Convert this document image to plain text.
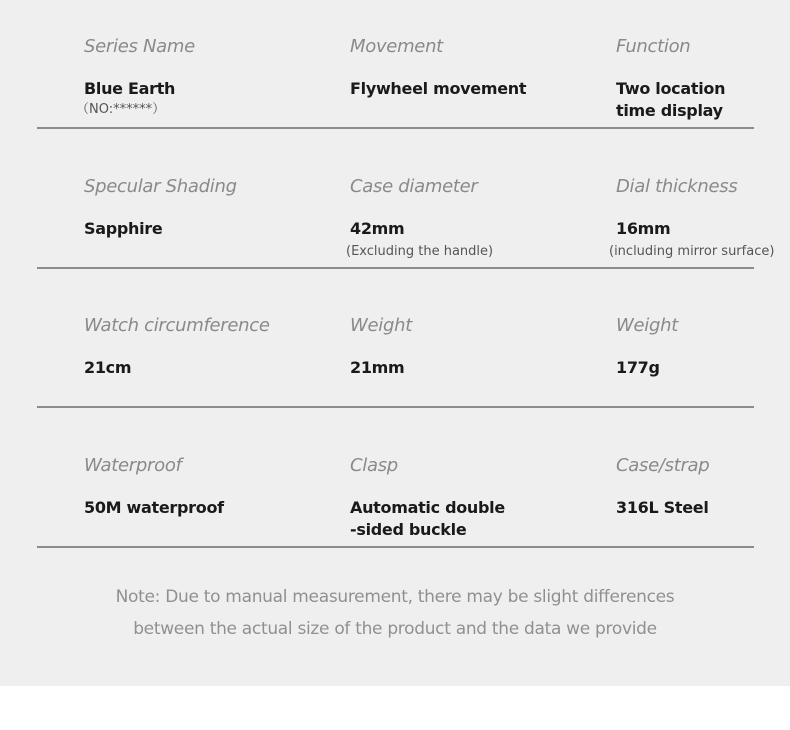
Series Name
Blue Earth
（NO:******）
Movement
Flywheel movement
Function
Two location
time display
Specular Shading
Sapphire
Case diameter
42mm
(Excluding the handle)
Dial thickness
16mm
(including mirror surface)
Watch circumference
21cm
Weight
21mm
Weight
177g
Waterproof
50M waterproof
Clasp
Automatic double
-sided buckle
Case/strap
316L Steel
Note: Due to manual measurement, there may be slight differences
between the actual size of the product and the data we provide
